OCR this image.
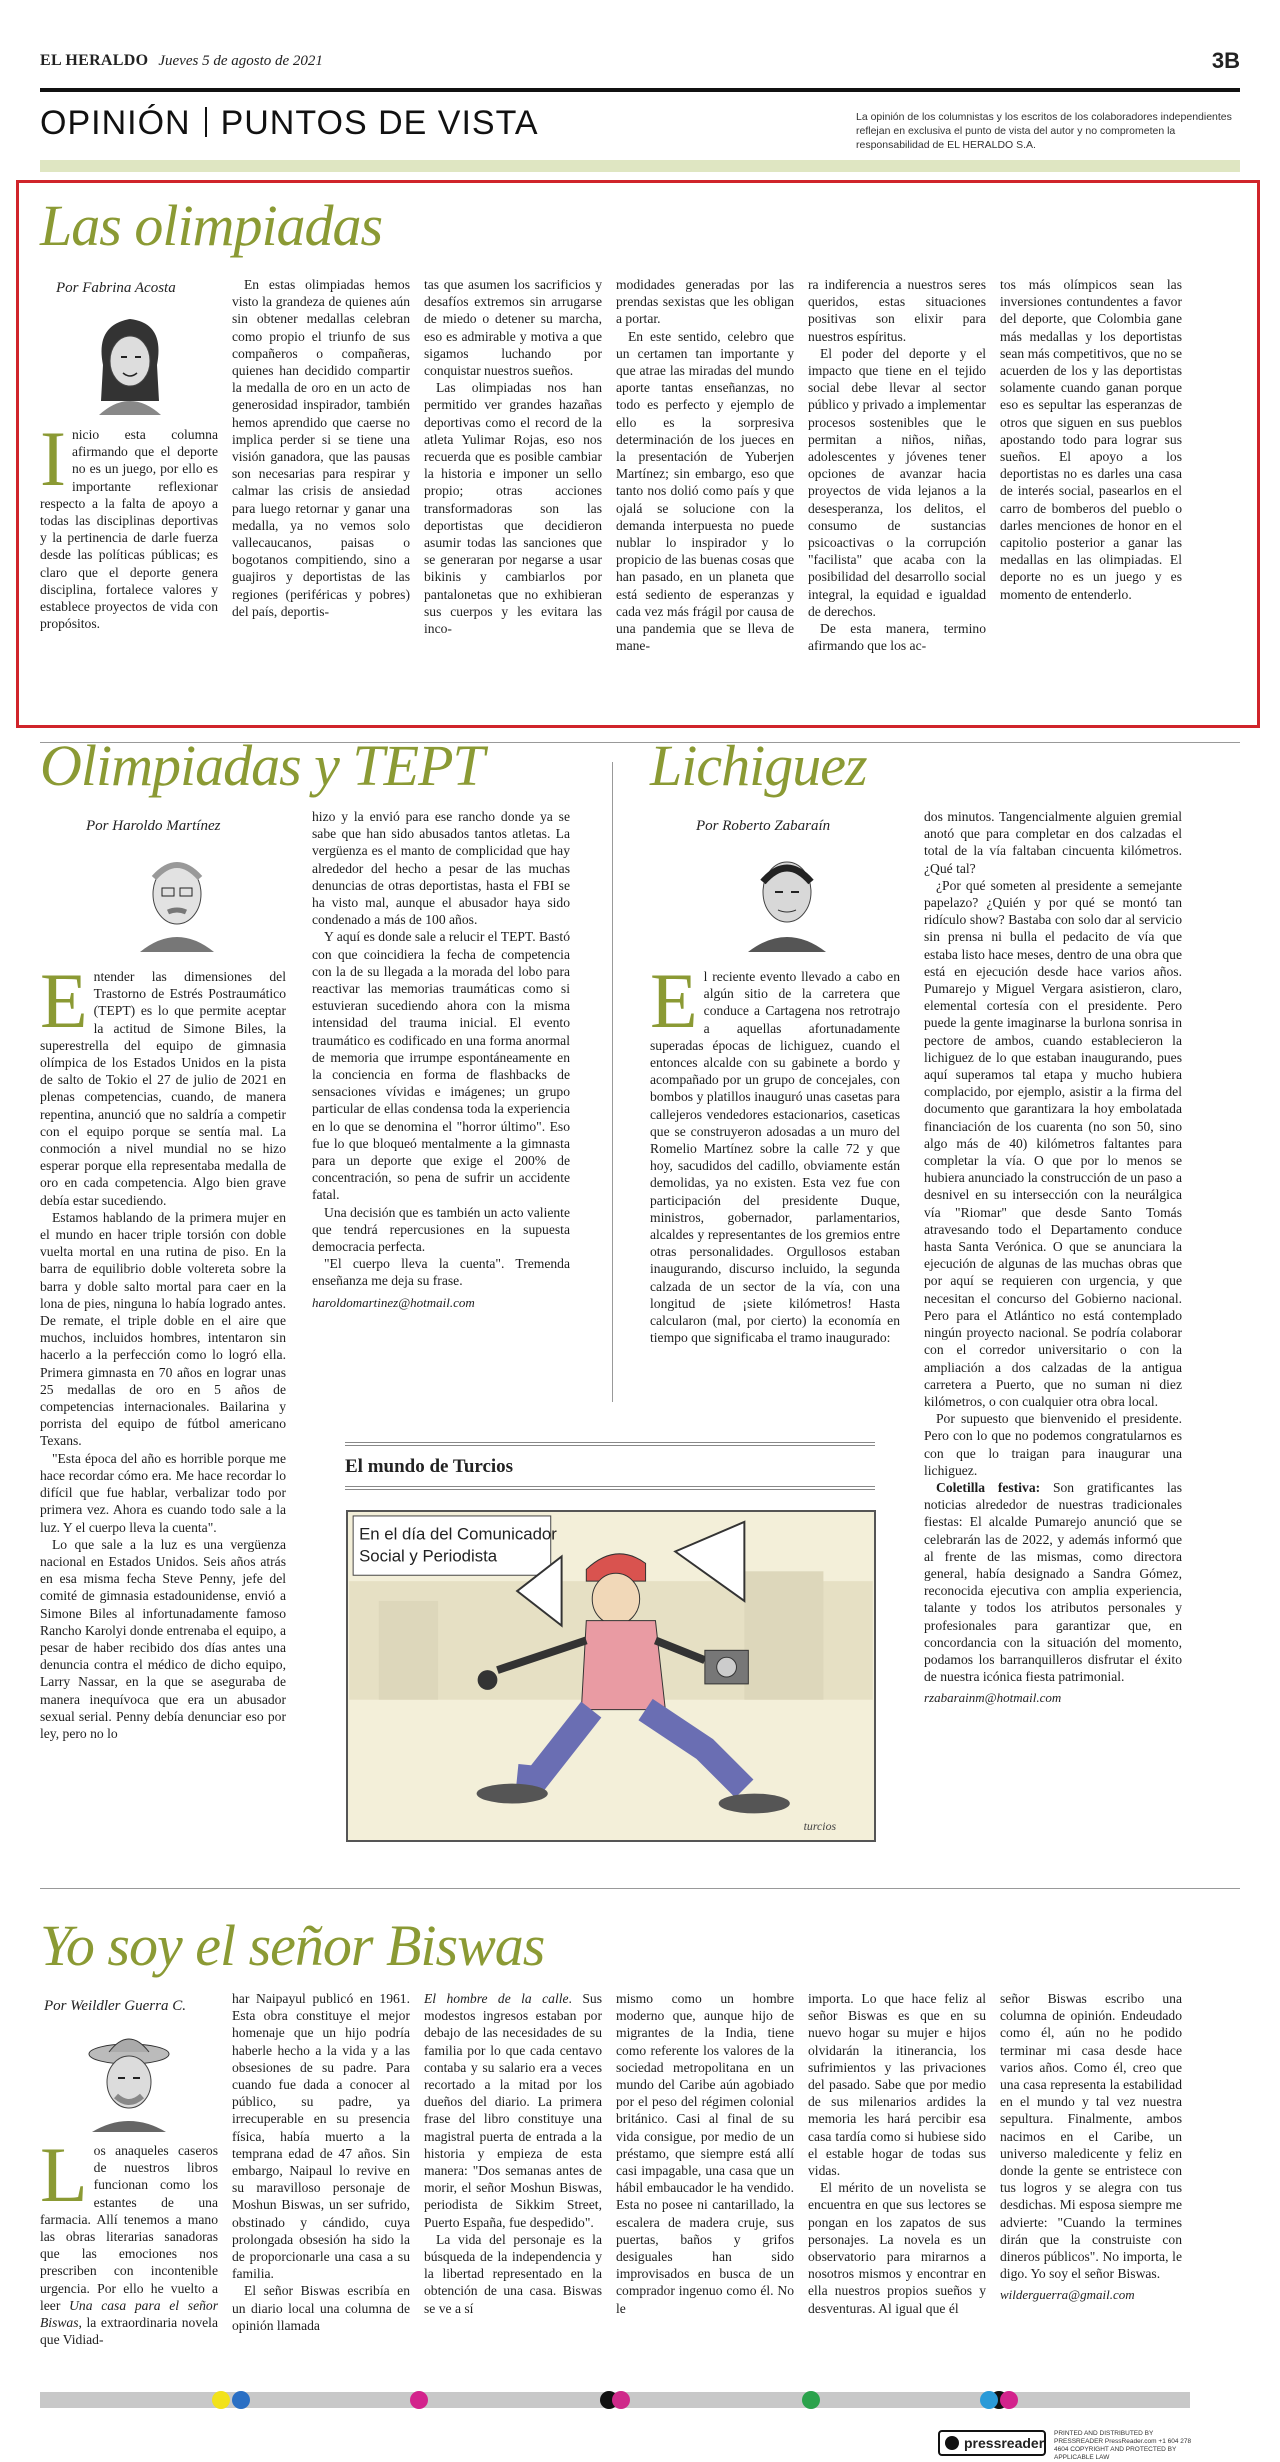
EL HERALDO Jueves 5 de agosto de 2021	3B
OPINIÓN PUNTOS DE VISTA	La opinión de los columnistas y los escritos de los colaboradores independientes reflejan en exclusiva el punto de vista del autor y no comprometen la responsabilidad de EL HERALDO S.A.
Las olimpiadas
Por Fabrina Acosta

Inicio esta columna afirmando que el deporte no es un juego, por ello es importante reflexionar respecto a la falta de apoyo a todas las disciplinas deportivas y la pertinencia de darle fuerza desde las políticas públicas; es claro que el deporte genera disciplina, fortalece valores y establece proyectos de vida con propósitos.

En estas olimpiadas hemos visto la grandeza de quienes aún sin obtener medallas celebran como propio el triunfo de sus compañeros o compañeras, quienes han decidido compartir la medalla de oro en un acto de generosidad inspirador, también hemos aprendido que caerse no implica perder si se tiene una visión ganadora, que las pausas son necesarias para respirar y calmar las crisis de ansiedad para luego retornar y ganar una medalla, ya no vemos solo vallecaucanos, paisas o bogotanos compitiendo, sino a guajiros y deportistas de las regiones (periféricas y pobres) del país, deportis-

tas que asumen los sacrificios y desafíos extremos sin arrugarse de miedo o detener su marcha, eso es admirable y motiva a que sigamos luchando por conquistar nuestros sueños.

Las olimpiadas nos han permitido ver grandes hazañas deportivas como el record de la atleta Yulimar Rojas, eso nos recuerda que es posible cambiar la historia e imponer un sello propio; otras acciones transformadoras son las deportistas que decidieron asumir todas las sanciones que se generaran por negarse a usar bikinis y cambiarlos por pantalonetas que no exhibieran sus cuerpos y les evitara las inco-

modidades generadas por las prendas sexistas que les obligan a portar.

En este sentido, celebro que un certamen tan importante y que atrae las miradas del mundo aporte tantas enseñanzas, no todo es perfecto y ejemplo de ello es la sorpresiva determinación de los jueces en la presentación de Yuberjen Martínez; sin embargo, eso que tanto nos dolió como país y que ojalá se solucione con la demanda interpuesta no puede nublar lo inspirador y lo propicio de las buenas cosas que han pasado, en un planeta que está sediento de esperanzas y cada vez más frágil por causa de una pandemia que se lleva de mane-

ra indiferencia a nuestros seres queridos, estas situaciones positivas son elixir para nuestros espíritus.

El poder del deporte y el impacto que tiene en el tejido social debe llevar al sector público y privado a implementar procesos sostenibles que le permitan a niños, niñas, adolescentes y jóvenes tener opciones de avanzar hacia proyectos de vida lejanos a la desesperanza, los delitos, el consumo de sustancias psicoactivas o la corrupción "facilista" que acaba con la posibilidad del desarrollo social integral, la equidad e igualdad de derechos.

De esta manera, termino afirmando que los ac-

tos más olímpicos sean las inversiones contundentes a favor del deporte, que Colombia gane más medallas y los deportistas sean más competitivos, que no se acuerden de los y las deportistas solamente cuando ganan porque eso es sepultar las esperanzas de otros que siguen en sus pueblos apostando todo para lograr sus sueños. El apoyo a los deportistas no es darles una casa de interés social, pasearlos en el carro de bomberos del pueblo o darles menciones de honor en el capitolio posterior a ganar las medallas en las olimpiadas. El deporte no es un juego y es momento de entenderlo.

Olimpiadas y TEPT
Por Haroldo Martínez

Entender las dimensiones del Trastorno de Estrés Postraumático (TEPT) es lo que permite aceptar la actitud de Simone Biles, la superestrella del equipo de gimnasia olímpica de los Estados Unidos en la pista de salto de Tokio el 27 de julio de 2021 en plenas competencias, cuando, de manera repentina, anunció que no saldría a competir con el equipo porque se sentía mal. La conmoción a nivel mundial no se hizo esperar porque ella representaba medalla de oro en cada competencia. Algo bien grave debía estar sucediendo.

Estamos hablando de la primera mujer en el mundo en hacer triple torsión con doble vuelta mortal en una rutina de piso. En la barra de equilibrio doble voltereta sobre la barra y doble salto mortal para caer en la lona de pies, ninguna lo había logrado antes. De remate, el triple doble en el aire que muchos, incluidos hombres, intentaron sin hacerlo a la perfección como lo logró ella. Primera gimnasta en 70 años en lograr unas 25 medallas de oro en 5 años de competencias internacionales. Bailarina y porrista del equipo de fútbol americano Texans.

"Esta época del año es horrible porque me hace recordar cómo era. Me hace recordar lo difícil que fue hablar, verbalizar todo por primera vez. Ahora es cuando todo sale a la luz. Y el cuerpo lleva la cuenta".

Lo que sale a la luz es una vergüenza nacional en Estados Unidos. Seis años atrás en esa misma fecha Steve Penny, jefe del comité de gimnasia estadounidense, envió a Simone Biles al infortunadamente famoso Rancho Karolyi donde entrenaba el equipo, a pesar de haber recibido dos días antes una denuncia contra el médico de dicho equipo, Larry Nassar, en la que se aseguraba de manera inequívoca que era un abusador sexual serial. Penny debía denunciar eso por ley, pero no lo

hizo y la envió para ese rancho donde ya se sabe que han sido abusados tantos atletas. La vergüenza es el manto de complicidad que hay alrededor del hecho a pesar de las muchas denuncias de otras deportistas, hasta el FBI se ha visto mal, aunque el abusador haya sido condenado a más de 100 años.

Y aquí es donde sale a relucir el TEPT. Bastó con que coincidiera la fecha de competencia con la de su llegada a la morada del lobo para reactivar las memorias traumáticas como si estuvieran sucediendo ahora con la misma intensidad del trauma inicial. El evento traumático es codificado en una forma anormal de memoria que irrumpe espontáneamente en la conciencia en forma de flashbacks de sensaciones vívidas e imágenes; un grupo particular de ellas condensa toda la experiencia en lo que se denomina el "horror último". Eso fue lo que bloqueó mentalmente a la gimnasta para un deporte que exige el 200% de concentración, so pena de sufrir un accidente fatal.

Una decisión que es también un acto valiente que tendrá repercusiones en la supuesta democracia perfecta.

"El cuerpo lleva la cuenta". Tremenda enseñanza me deja su frase.

haroldomartinez@hotmail.com
El mundo de Turcios
En el día del Comunicador
Social y Periodista
turcios
Lichiguez
Por Roberto Zabaraín

El reciente evento llevado a cabo en algún sitio de la carretera que conduce a Cartagena nos retrotrajo a aquellas afortunadamente superadas épocas de lichiguez, cuando el entonces alcalde con su gabinete a bordo y acompañado por un grupo de concejales, con bombos y platillos inauguró unas casetas para callejeros vendedores estacionarios, caseticas que se construyeron adosadas a un muro del Romelio Martínez sobre la calle 72 y que hoy, sacudidos del cadillo, obviamente están demolidas, ya no existen. Esta vez fue con participación del presidente Duque, ministros, gobernador, parlamentarios, alcaldes y representantes de los gremios entre otras personalidades. Orgullosos estaban inaugurando, discurso incluido, la segunda calzada de un sector de la vía, con una longitud de ¡siete kilómetros! Hasta calcularon (mal, por cierto) la economía en tiempo que significaba el tramo inaugurado:

dos minutos. Tangencialmente alguien gremial anotó que para completar en dos calzadas el total de la vía faltaban cincuenta kilómetros. ¿Qué tal?

¿Por qué someten al presidente a semejante papelazo? ¿Quién y por qué se montó tan ridículo show? Bastaba con solo dar al servicio sin prensa ni bulla el pedacito de vía que estaba listo hace meses, dentro de una obra que está en ejecución desde hace varios años. Pumarejo y Miguel Vergara asistieron, claro, elemental cortesía con el presidente. Pero puede la gente imaginarse la burlona sonrisa in pectore de ambos, cuando establecieron la lichiguez de lo que estaban inaugurando, pues aquí superamos tal etapa y mucho hubiera complacido, por ejemplo, asistir a la firma del documento que garantizara la hoy embolatada financiación de los cuarenta (no son 50, sino algo más de 40) kilómetros faltantes para completar la vía. O que por lo menos se hubiera anunciado la construcción de un paso a desnivel en su intersección con la neurálgica vía "Riomar" que desde Santo Tomás atravesando todo el Departamento conduce hasta Santa Verónica. O que se anunciara la ejecución de algunas de las muchas obras que por aquí se requieren con urgencia, y que necesitan el concurso del Gobierno nacional. Pero para el Atlántico no está contemplado ningún proyecto nacional. Se podría colaborar con el corredor universitario o con la ampliación a dos calzadas de la antigua carretera a Puerto, que no suman ni diez kilómetros, o con cualquier otra obra local.

Por supuesto que bienvenido el presidente. Pero con lo que no podemos congratularnos es con que lo traigan para inaugurar una lichiguez.

Coletilla festiva: Son gratificantes las noticias alrededor de nuestras tradicionales fiestas: El alcalde Pumarejo anunció que se celebrarán las de 2022, y además informó que al frente de las mismas, como directora general, había designado a Sandra Gómez, reconocida ejecutiva con amplia experiencia, talante y todos los atributos personales y profesionales para garantizar que, en concordancia con la situación del momento, podamos los barranquilleros disfrutar el éxito de nuestra icónica fiesta patrimonial.

rzabarainm@hotmail.com
Yo soy el señor Biswas
Por Weildler Guerra C.

Los anaqueles caseros de nuestros libros funcionan como los estantes de una farmacia. Allí tenemos a mano las obras literarias sanadoras que las emociones nos prescriben con incontenible urgencia. Por ello he vuelto a leer Una casa para el señor Biswas, la extraordinaria novela que Vidiad-

har Naipayul publicó en 1961. Esta obra constituye el mejor homenaje que un hijo podría haberle hecho a la vida y a las obsesiones de su padre. Para cuando fue dada a conocer al público, su padre, ya irrecuperable en su presencia física, había muerto a la temprana edad de 47 años. Sin embargo, Naipaul lo revive en su maravilloso personaje de Moshun Biswas, un ser sufrido, obstinado y cándido, cuya prolongada obsesión ha sido la de proporcionarle una casa a su familia.

El señor Biswas escribía en un diario local una columna de opinión llamada

El hombre de la calle. Sus modestos ingresos estaban por debajo de las necesidades de su familia por lo que cada centavo contaba y su salario era a veces recortado a la mitad por los dueños del diario. La primera frase del libro constituye una magistral puerta de entrada a la historia y empieza de esta manera: "Dos semanas antes de morir, el señor Moshun Biswas, periodista de Sikkim Street, Puerto España, fue despedido".

La vida del personaje es la búsqueda de la independencia y la libertad representado en la obtención de una casa. Biswas se ve a sí

mismo como un hombre moderno que, aunque hijo de migrantes de la India, tiene como referente los valores de la sociedad metropolitana en un mundo del Caribe aún agobiado por el peso del régimen colonial británico. Casi al final de su vida consigue, por medio de un préstamo, que siempre está allí casi impagable, una casa que un hábil embaucador le ha vendido. Esta no posee ni cantarillado, la escalera de madera cruje, sus puertas, baños y grifos desiguales han sido improvisados en busca de un comprador ingenuo como él. No le

importa. Lo que hace feliz al señor Biswas es que en su nuevo hogar su mujer e hijos olvidarán la itinerancia, los sufrimientos y las privaciones del pasado. Sabe que por medio de sus milenarios ardides la memoria les hará percibir esa casa tardía como si hubiese sido el estable hogar de todas sus vidas.

El mérito de un novelista se encuentra en que sus lectores se pongan en los zapatos de sus personajes. La novela es un observatorio para mirarnos a nosotros mismos y encontrar en ella nuestros propios sueños y desventuras. Al igual que él

señor Biswas escribo una columna de opinión. Endeudado como él, aún no he podido terminar mi casa desde hace varios años. Como él, creo que una casa representa la estabilidad en el mundo y tal vez nuestra sepultura. Finalmente, ambos nacimos en el Caribe, un universo maledicente y feliz en donde la gente se entristece con tus logros y se alegra con tus desdichas. Mi esposa siempre me advierte: "Cuando la termines dirán que la construiste con dineros públicos". No importa, le digo. Yo soy el señor Biswas.

wilderguerra@gmail.com
pressreader
PRINTED AND DISTRIBUTED BY PRESSREADER PressReader.com +1 604 278 4604 COPYRIGHT AND PROTECTED BY APPLICABLE LAW
